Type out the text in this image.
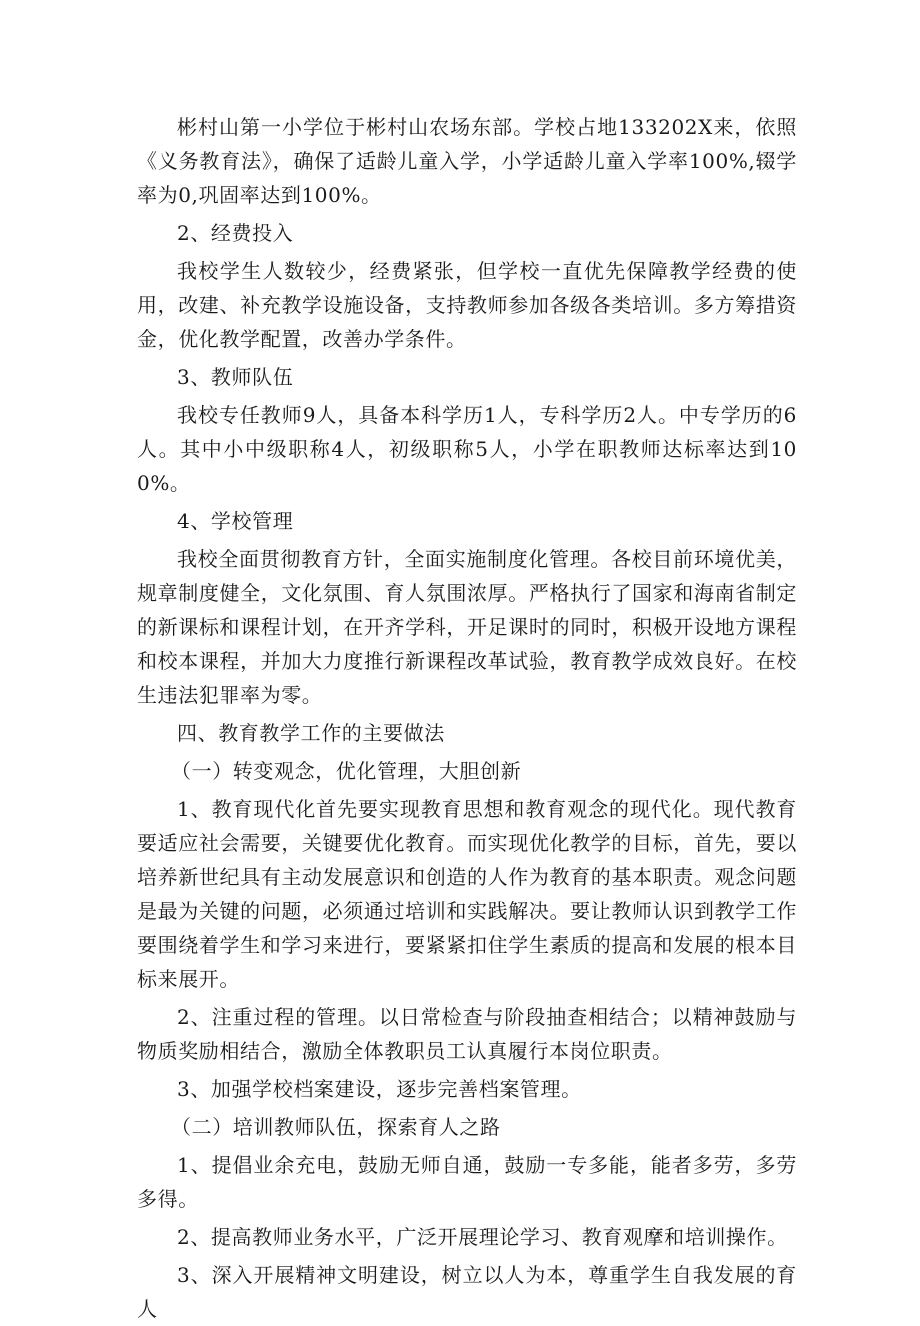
彬村山第一小学位于彬村山农场东部。学校占地133202X来，依照《义务教育法》，确保了适龄儿童入学，小学适龄儿童入学率100%,辍学率为0,巩固率达到100%。

2、经费投入

我校学生人数较少，经费紧张，但学校一直优先保障教学经费的使用，改建、补充教学设施设备，支持教师参加各级各类培训。多方筹措资金，优化教学配置，改善办学条件。

3、教师队伍

我校专任教师9人，具备本科学历1人，专科学历2人。中专学历的6人。其中小中级职称4人，初级职称5人，小学在职教师达标率达到100%。

4、学校管理

我校全面贯彻教育方针，全面实施制度化管理。各校目前环境优美，规章制度健全，文化氛围、育人氛围浓厚。严格执行了国家和海南省制定的新课标和课程计划，在开齐学科，开足课时的同时，积极开设地方课程和校本课程，并加大力度推行新课程改革试验，教育教学成效良好。在校生违法犯罪率为零。

四、教育教学工作的主要做法

（一）转变观念，优化管理，大胆创新

1、教育现代化首先要实现教育思想和教育观念的现代化。现代教育要适应社会需要，关键要优化教育。而实现优化教学的目标，首先，要以培养新世纪具有主动发展意识和创造的人作为教育的基本职责。观念问题是最为关键的问题，必须通过培训和实践解决。要让教师认识到教学工作要围绕着学生和学习来进行，要紧紧扣住学生素质的提高和发展的根本目标来展开。

2、注重过程的管理。以日常检查与阶段抽查相结合；以精神鼓励与物质奖励相结合，激励全体教职员工认真履行本岗位职责。

3、加强学校档案建设，逐步完善档案管理。

（二）培训教师队伍，探索育人之路

1、提倡业余充电，鼓励无师自通，鼓励一专多能，能者多劳，多劳多得。

2、提高教师业务水平，广泛开展理论学习、教育观摩和培训操作。

3、深入开展精神文明建设，树立以人为本，尊重学生自我发展的育人
